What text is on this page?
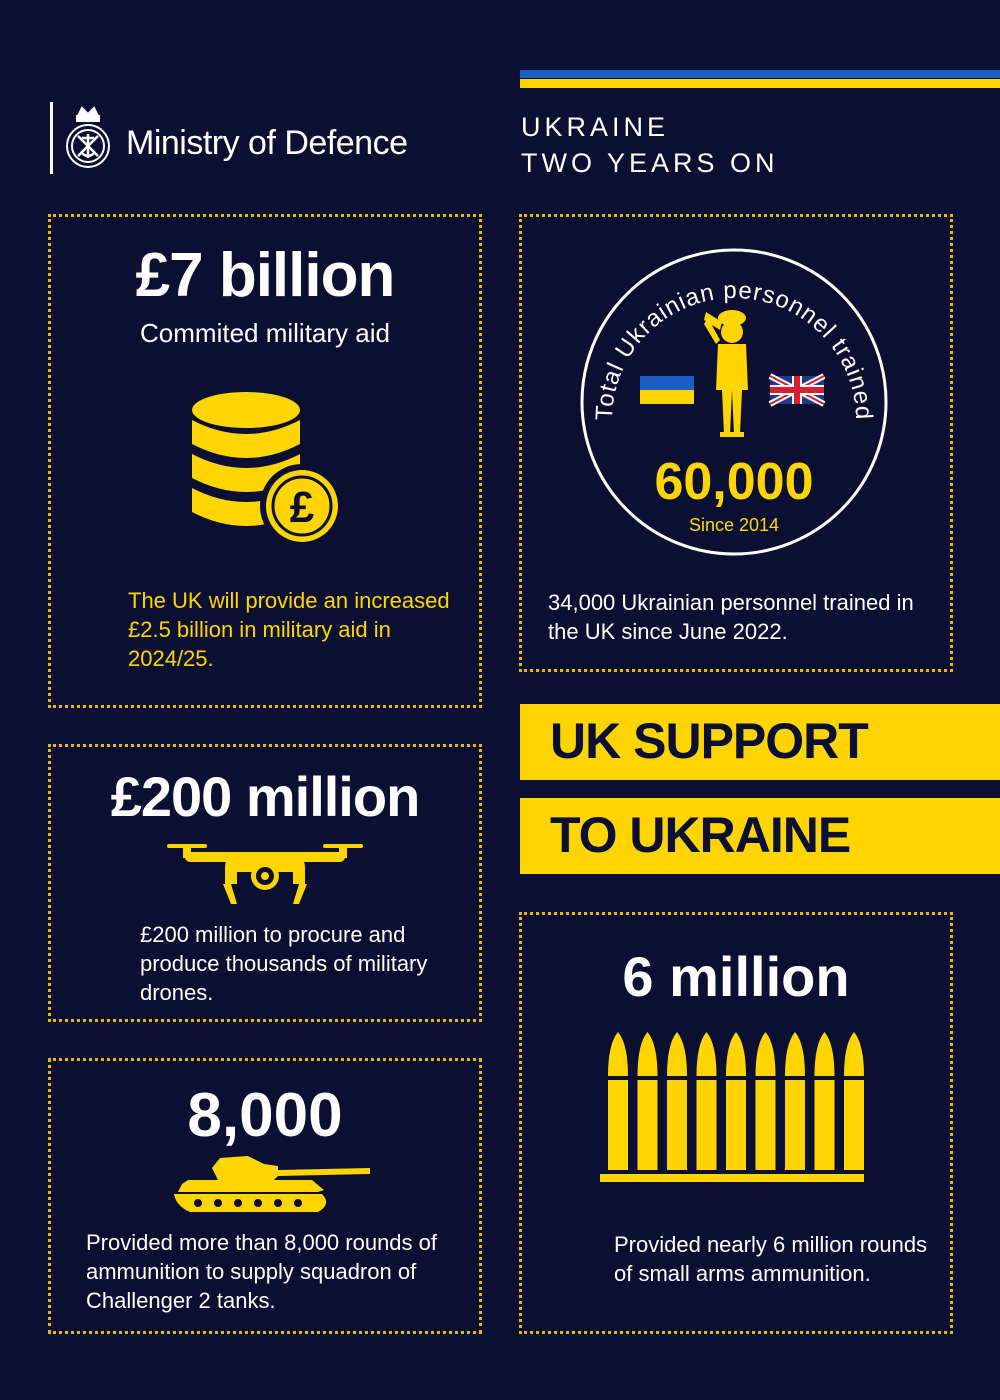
Ministry of Defence	UKRAINE
TWO YEARS ON
£7 billion
Commited military aid
£
The UK will provide an increased £2.5 billion in military aid in 2024/25.
Total Ukrainian personnel trained
60,000
Since 2014
34,000 Ukrainian personnel trained in the UK since June 2022.
UK SUPPORT
TO UKRAINE
£200 million
£200 million to procure and produce thousands of military drones.
8,000
Provided more than 8,000 rounds of ammunition to supply squadron of Challenger 2 tanks.
6 million
Provided nearly 6 million rounds of small arms ammunition.
